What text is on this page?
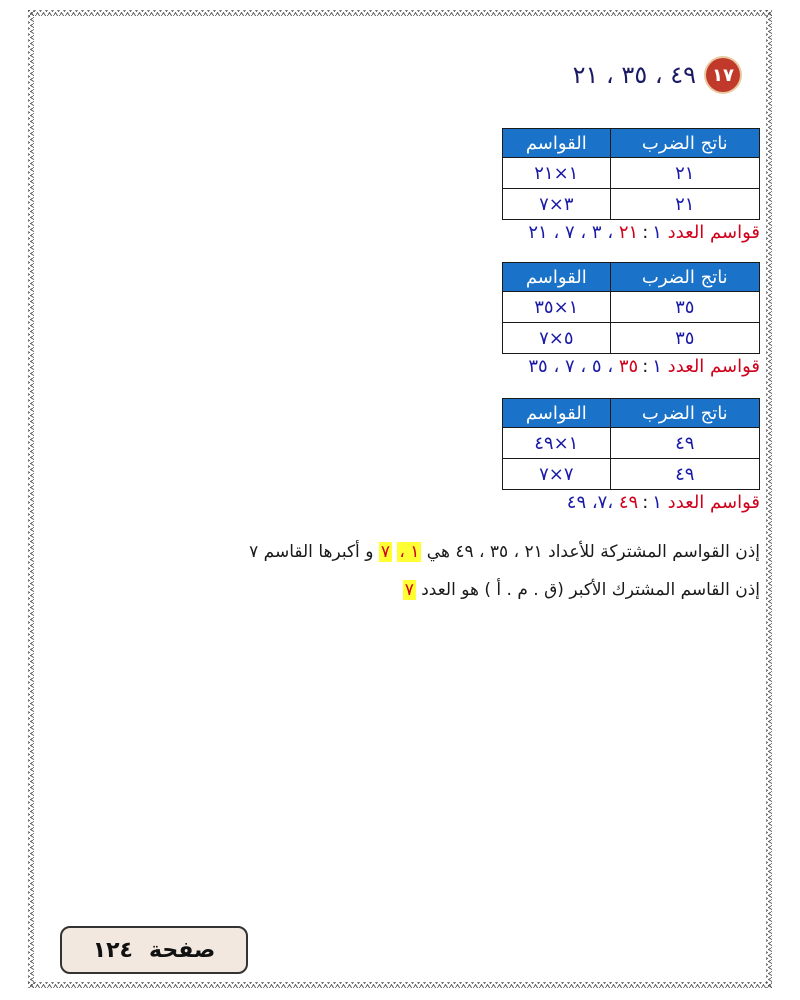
١٧
٤٩ ، ٣٥ ، ٢١
ناتج الضرب	القواسم
٢١	١×٢١
٢١	٣×٧
قواسم العدد ٢١:١ ، ٣ ، ٧ ، ٢١
ناتج الضرب	القواسم
٣٥	١×٣٥
٣٥	٥×٧
قواسم العدد ٣٥:١ ، ٥ ، ٧ ، ٣٥
ناتج الضرب	القواسم
٤٩	١×٤٩
٤٩	٧×٧
قواسم العدد ٤٩:١ ،٧، ٤٩
إذن القواسم المشتركة للأعداد ٢١ ، ٣٥ ، ٤٩ هي ١ ، ٧ و أكبرها القاسم ٧
إذن القاسم المشترك الأكبر (ق . م . أ ) هو العدد ٧
صفحة
١٢٤
